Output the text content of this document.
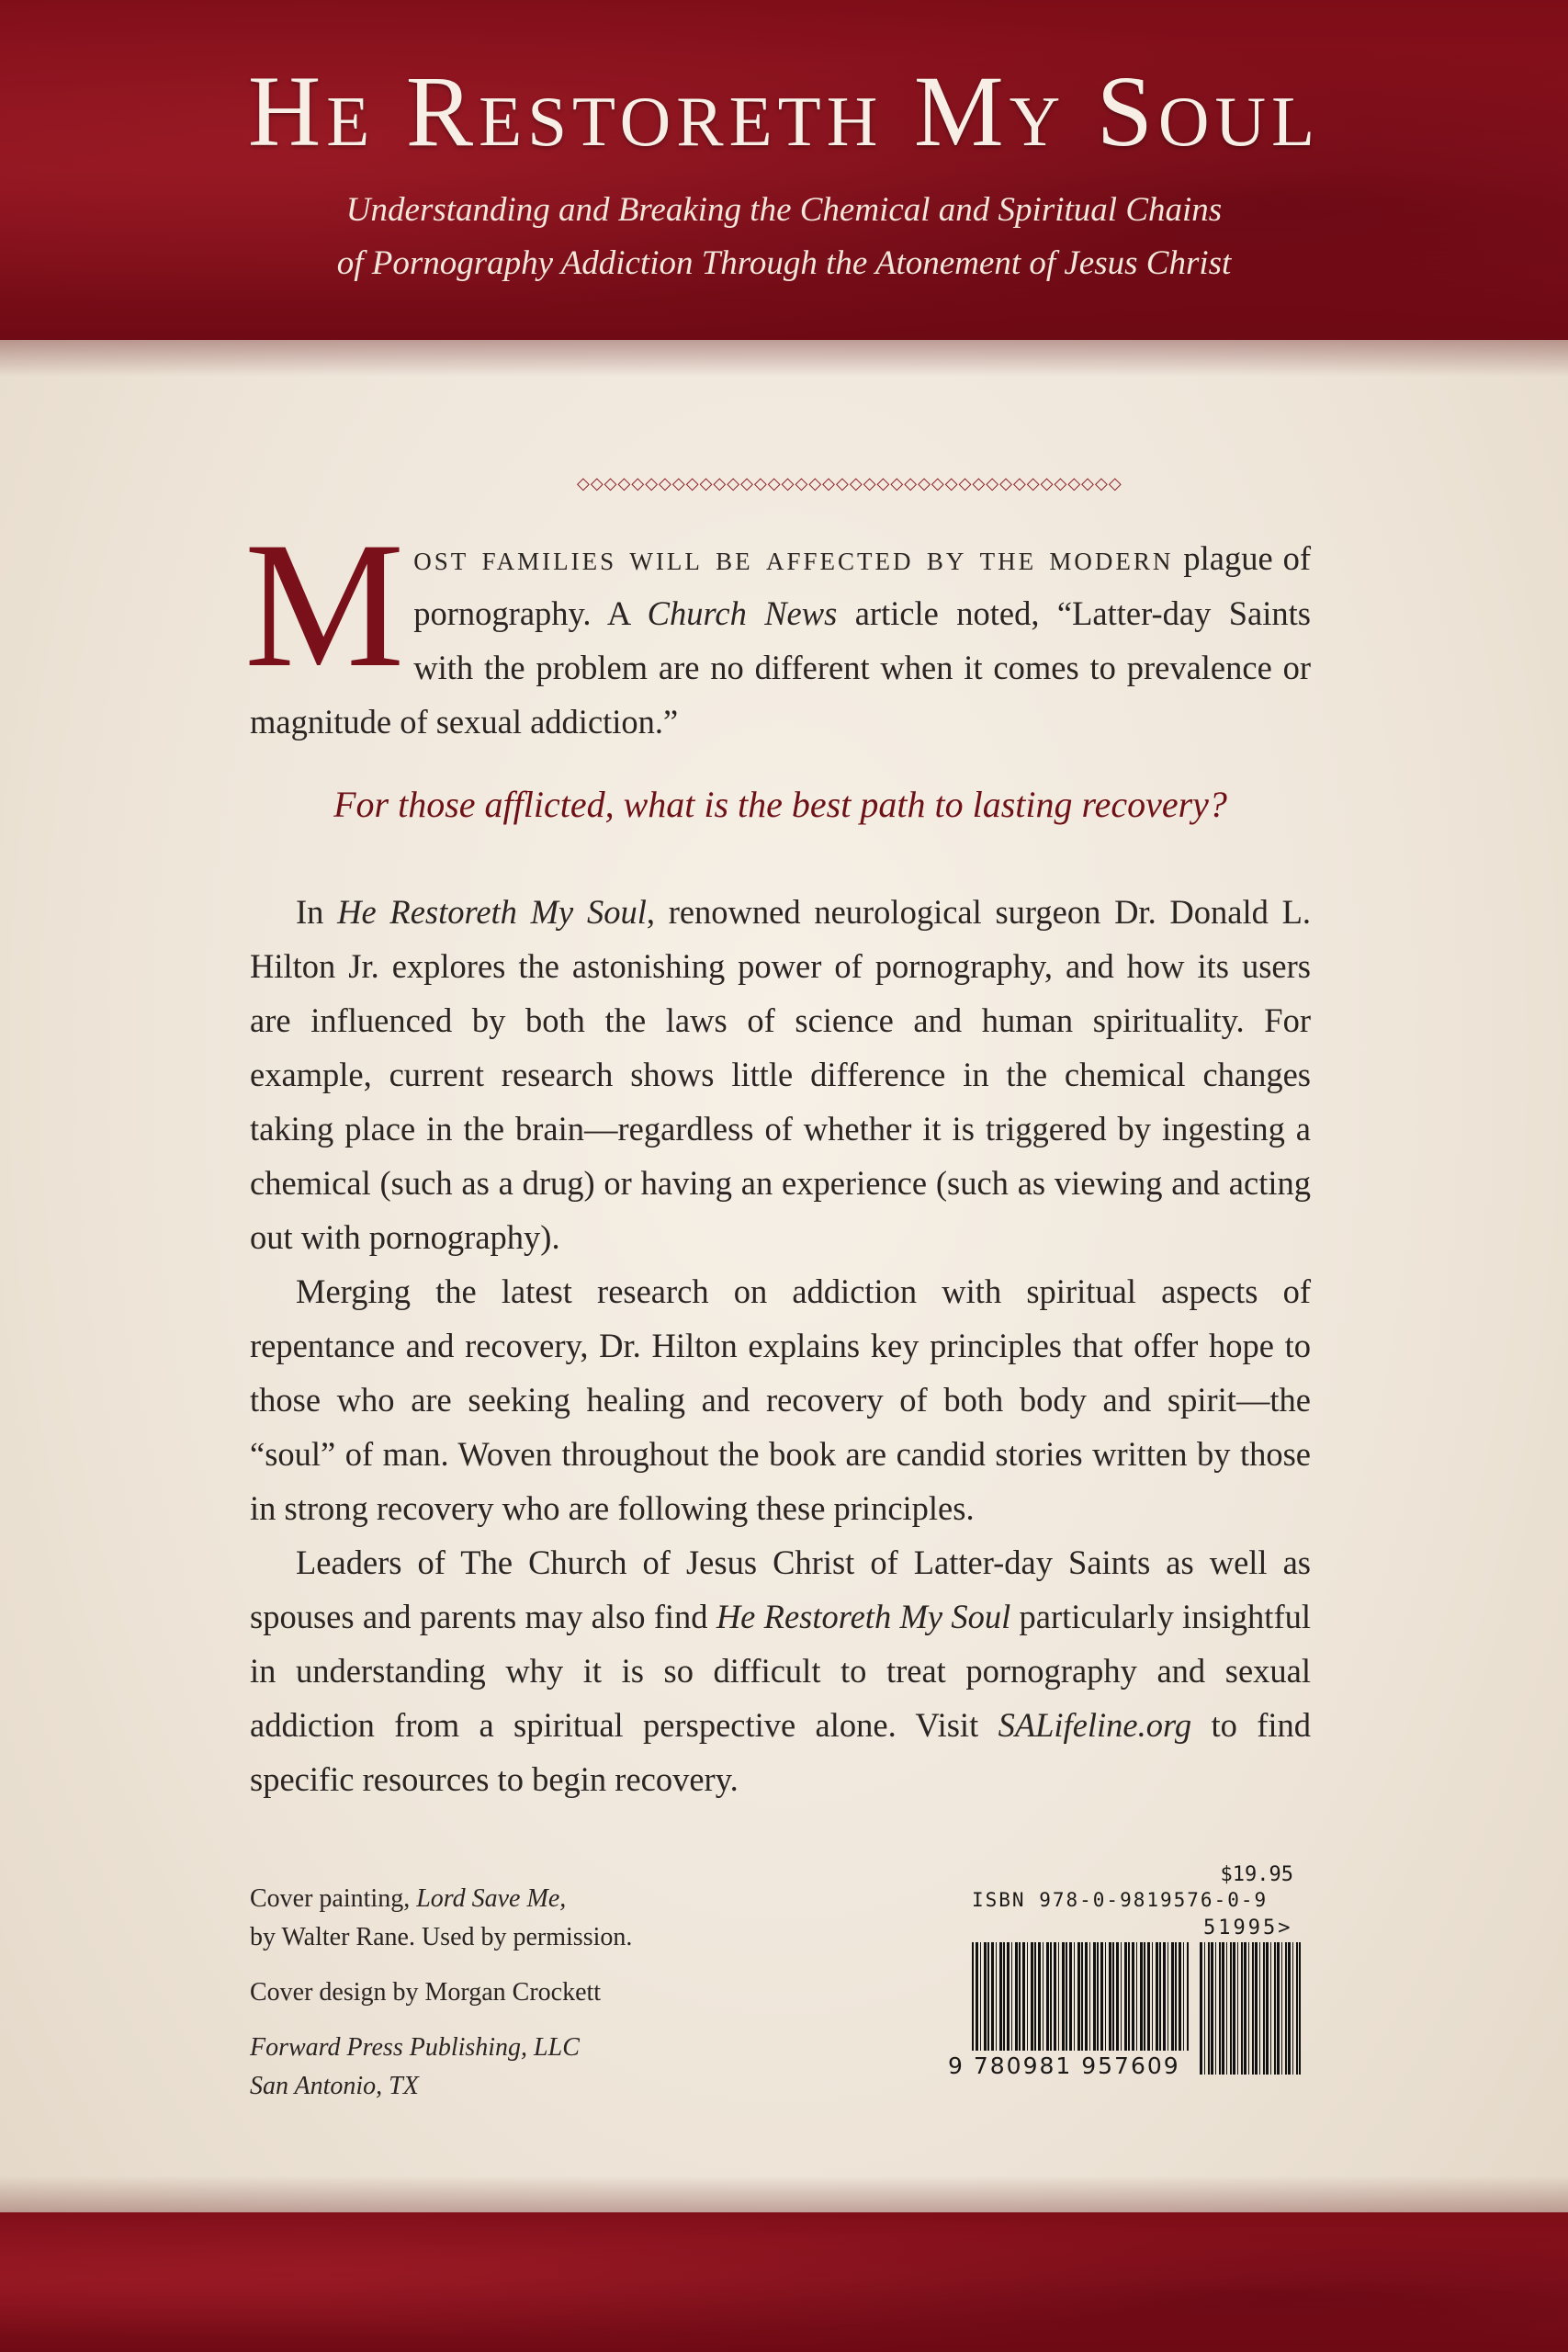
He Restoreth My Soul
Understanding and Breaking the Chemical and Spiritual Chains
of Pornography Addiction Through the Atonement of Jesus Christ
◇◇◇◇◇◇◇◇◇◇◇◇◇◇◇◇◇◇◇◇◇◇◇◇◇◇◇◇◇◇◇◇◇◇◇◇◇◇◇◇
M ost families will be affected by the modern plague of pornography. A Church News article noted, “Latter-day Saints with the problem are no different when it comes to prevalence or magnitude of sexual addiction.”
For those afflicted, what is the best path to lasting recovery?

In He Restoreth My Soul, renowned neurological surgeon Dr. Donald L. Hilton Jr. explores the astonishing power of pornography, and how its users are influenced by both the laws of science and human spirituality. For example, current research shows little difference in the chemical changes taking place in the brain—regardless of whether it is triggered by ingesting a chemical (such as a drug) or having an experience (such as viewing and acting out with pornography).

Merging the latest research on addiction with spiritual aspects of repentance and recovery, Dr. Hilton explains key principles that offer hope to those who are seeking healing and recovery of both body and spirit—the “soul” of man. Woven throughout the book are candid stories written by those in strong recovery who are following these principles.

Leaders of The Church of Jesus Christ of Latter-day Saints as well as spouses and parents may also find He Restoreth My Soul particularly insightful in understanding why it is so difficult to treat pornography and sexual addiction from a spiritual perspective alone. Visit SALifeline.org to find specific resources to begin recovery.

Cover painting, Lord Save Me,
by Walter Rane. Used by permission.

Cover design by Morgan Crockett

Forward Press Publishing, LLC
San Antonio, TX

$19.95
ISBN 978-0-9819576-0-9
51995>
9 780981 957609
